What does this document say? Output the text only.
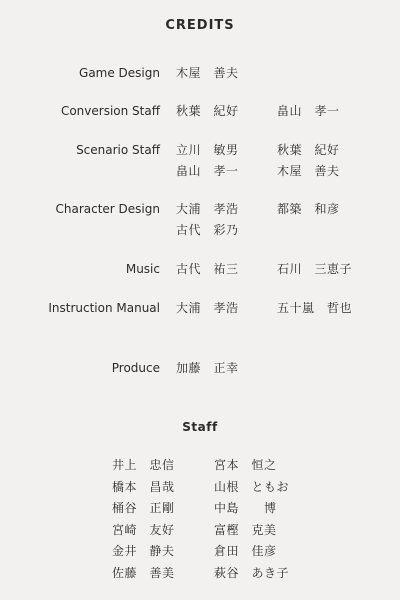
CREDITS
Game Design 木屋　善夫
Conversion Staff 秋葉　紀好	畠山　孝一
Scenario Staff 立川　敏男	秋葉　紀好
畠山　孝一	木屋　善夫
Character Design 大浦　孝浩	都築　和彦
古代　彩乃
Music 古代　祐三	石川　三恵子
Instruction Manual 大浦　孝浩	五十嵐　哲也
Produce 加藤　正幸
Staff
井上　忠信	宮本　恒之
橋本　昌哉	山根　ともお
桶谷　正剛	中島　　博
宮崎　友好	富樫　克美
金井　静夫	倉田　佳彦
佐藤　善美	萩谷　あき子
